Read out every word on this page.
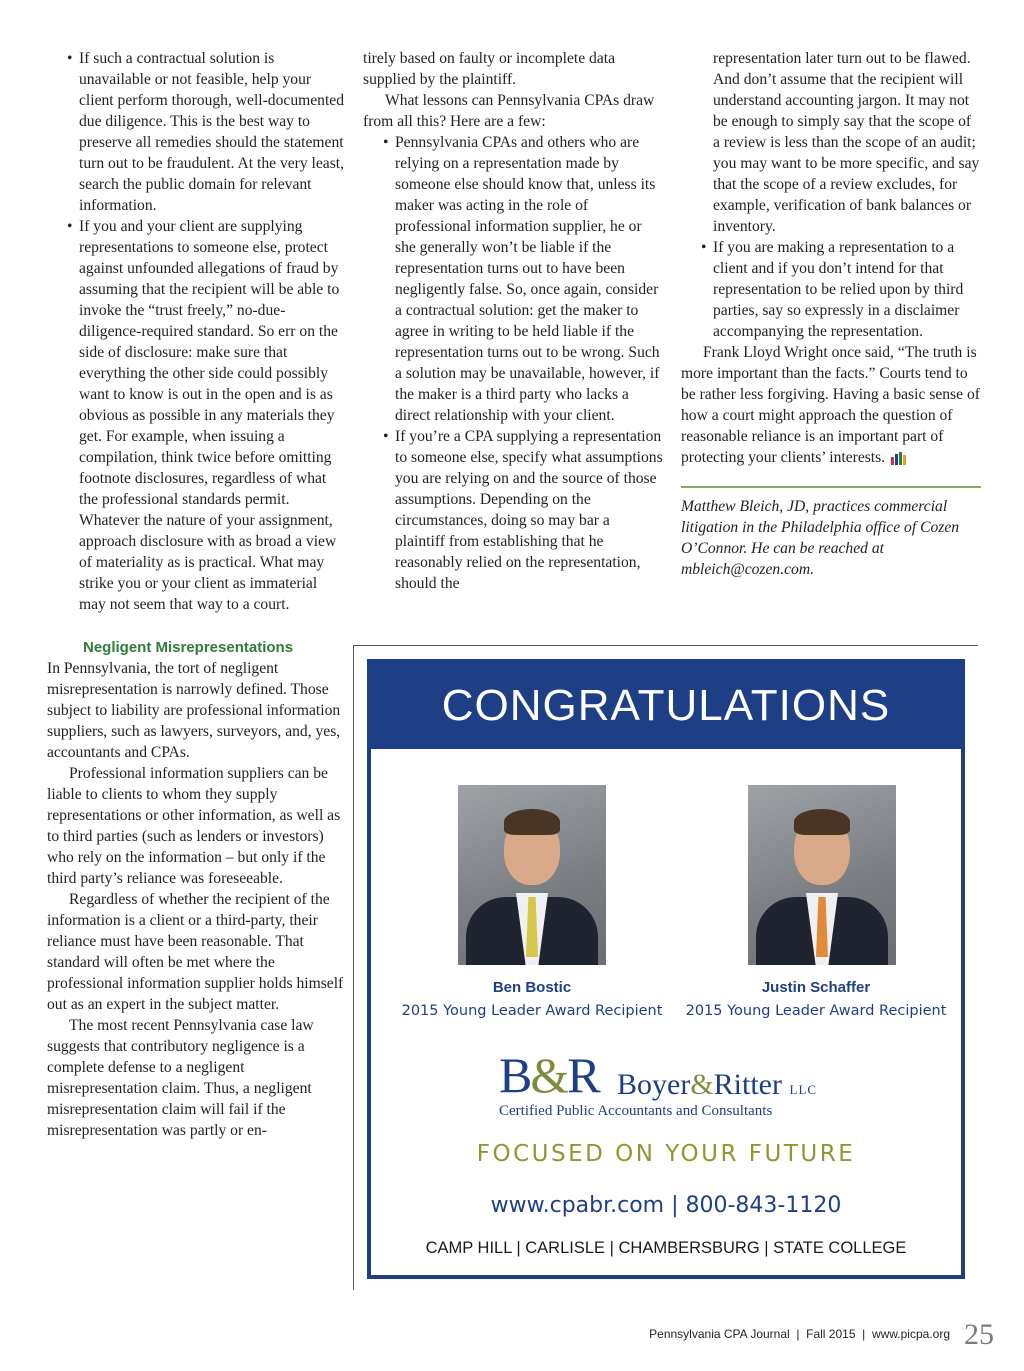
• If such a contractual solution is unavailable or not feasible, help your client perform thorough, well-documented due diligence. This is the best way to preserve all remedies should the statement turn out to be fraudulent. At the very least, search the public domain for relevant information.
• If you and your client are supplying representations to someone else, protect against unfounded allegations of fraud by assuming that the recipient will be able to invoke the “trust freely,” no-due-diligence-required standard. So err on the side of disclosure: make sure that everything the other side could possibly want to know is out in the open and is as obvious as possible in any materials they get. For example, when issuing a compilation, think twice before omitting footnote disclosures, regardless of what the professional standards permit. Whatever the nature of your assignment, approach disclosure with as broad a view of materiality as is practical. What may strike you or your client as immaterial may not seem that way to a court.
Negligent Misrepresentations
In Pennsylvania, the tort of negligent misrepresentation is narrowly defined. Those subject to liability are professional information suppliers, such as lawyers, surveyors, and, yes, accountants and CPAs.
Professional information suppliers can be liable to clients to whom they supply representations or other information, as well as to third parties (such as lenders or investors) who rely on the information – but only if the third party’s reliance was foreseeable.
Regardless of whether the recipient of the information is a client or a third-party, their reliance must have been reasonable. That standard will often be met where the professional information supplier holds himself out as an expert in the subject matter.
The most recent Pennsylvania case law suggests that contributory negligence is a complete defense to a negligent misrepresentation claim. Thus, a negligent misrepresentation claim will fail if the misrepresentation was partly or en-
tirely based on faulty or incomplete data supplied by the plaintiff.
What lessons can Pennsylvania CPAs draw from all this? Here are a few:
• Pennsylvania CPAs and others who are relying on a representation made by someone else should know that, unless its maker was acting in the role of professional information supplier, he or she generally won’t be liable if the representation turns out to have been negligently false. So, once again, consider a contractual solution: get the maker to agree in writing to be held liable if the representation turns out to be wrong. Such a solution may be unavailable, however, if the maker is a third party who lacks a direct relationship with your client.
• If you’re a CPA supplying a representation to someone else, specify what assumptions you are relying on and the source of those assumptions. Depending on the circumstances, doing so may bar a plaintiff from establishing that he reasonably relied on the representation, should the
representation later turn out to be flawed. And don’t assume that the recipient will understand accounting jargon. It may not be enough to simply say that the scope of a review is less than the scope of an audit; you may want to be more specific, and say that the scope of a review excludes, for example, verification of bank balances or inventory.
• If you are making a representation to a client and if you don’t intend for that representation to be relied upon by third parties, say so expressly in a disclaimer accompanying the representation.
Frank Lloyd Wright once said, “The truth is more important than the facts.” Courts tend to be rather less forgiving. Having a basic sense of how a court might approach the question of reasonable reliance is an important part of protecting your clients’ interests.
Matthew Bleich, JD, practices commercial litigation in the Philadelphia office of Cozen O’Connor. He can be reached at mbleich@cozen.com.
CONGRATULATIONS
Ben Bostic
2015 Young Leader Award Recipient
Justin Schaffer
2015 Young Leader Award Recipient
B&R Boyer&Ritter LLC
Certified Public Accountants and Consultants
FOCUSED ON YOUR FUTURE
www.cpabr.com | 800-843-1120
CAMP HILL | CARLISLE | CHAMBERSBURG | STATE COLLEGE
Pennsylvania CPA Journal  |  Fall 2015  |  www.picpa.org 25
